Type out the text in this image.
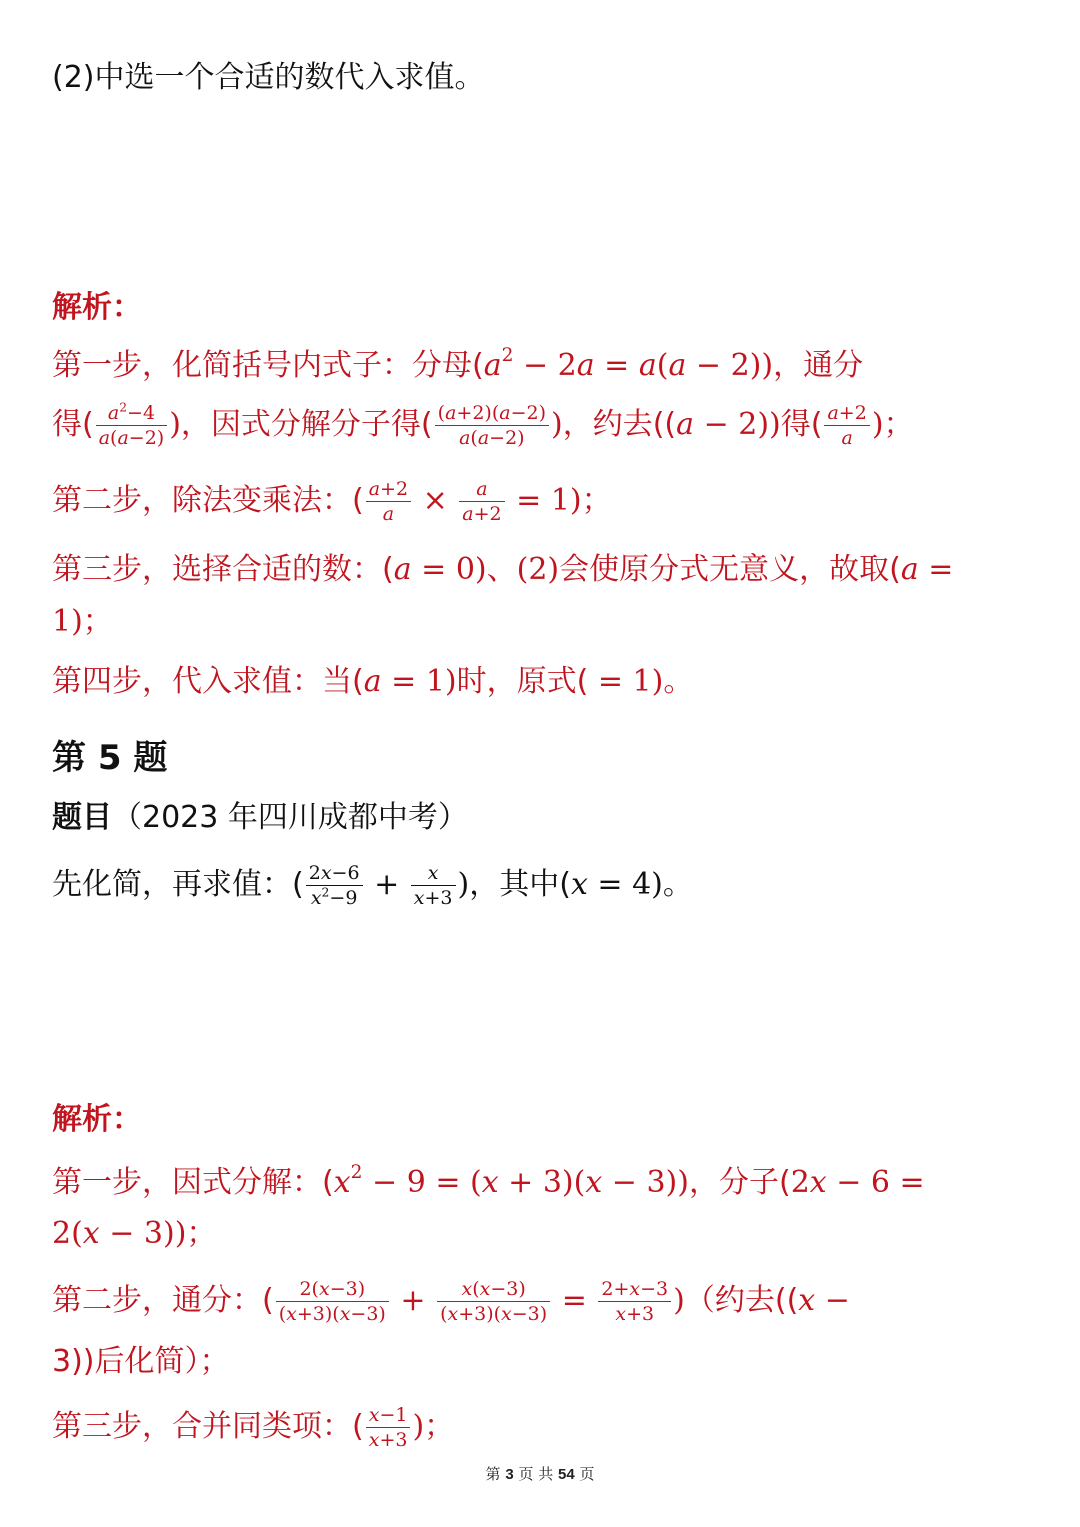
(2)中选一个合适的数代入求值。
解析：
第一步，化简括号内式子：分母$(a^2 - 2a = a(a - 2))$，通分
得( $\frac{a^2-4}{a(a-2)}$ )，因式分解分子得( $\frac{(a+2)(a-2)}{a(a-2)}$ )，约去((a − 2))得( $\frac{a+2}{a}$ )；
第二步，除法变乘法：( $\frac{a+2}{a} \times \frac{a}{a+2} = 1$)；
第三步，选择合适的数：(a = 0)、(2)会使原分式无意义，故取(a =
1)；
第四步，代入求值：当(a = 1)时，原式( = 1)。
第 5 题
题目（2023 年四川成都中考）
先化简，再求值：( $\frac{2x-6}{x^2-9} + \frac{x}{x+3}$ )，其中(x = 4)。
解析：
第一步，因式分解：$(x^2 - 9 = (x + 3)(x - 3))$，分子(2x − 6 =
2(x − 3))；
第二步，通分：( $\frac{2(x-3)}{(x+3)(x-3)} + \frac{x(x-3)}{(x+3)(x-3)} = \frac{2+x-3}{x+3}$ )（约去((x −
3))后化简）；
第三步，合并同类项：( $\frac{x-1}{x+3}$ )；
第 3 页 共 54 页
